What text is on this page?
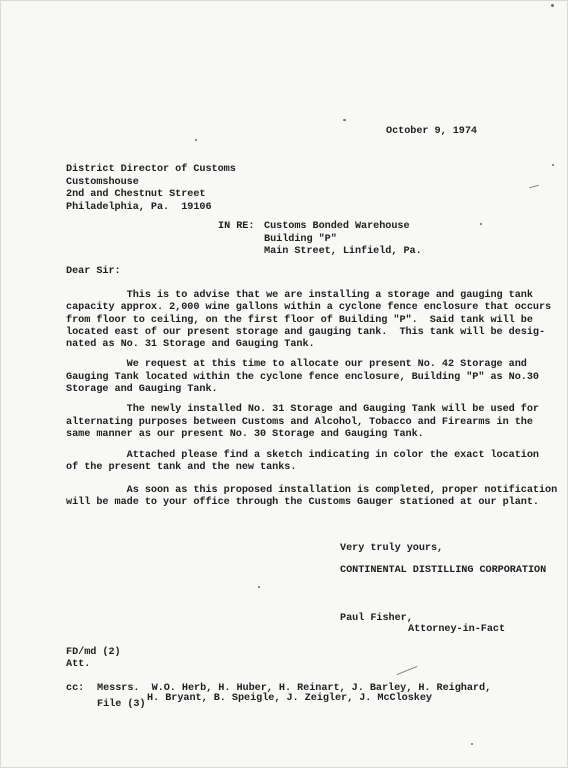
October 9, 1974
District Director of Customs
Customshouse
2nd and Chestnut Street
Philadelphia, Pa.  19106
IN RE: Customs Bonded Warehouse
Building "P"
Main Street, Linfield, Pa.
Dear Sir:
This is to advise that we are installing a storage and gauging tank
capacity approx. 2,000 wine gallons within a cyclone fence enclosure that occurs
from floor to ceiling, on the first floor of Building "P".  Said tank will be
located east of our present storage and gauging tank.  This tank will be desig-
nated as No. 31 Storage and Gauging Tank.
We request at this time to allocate our present No. 42 Storage and
Gauging Tank located within the cyclone fence enclosure, Building "P" as No.30
Storage and Gauging Tank.
The newly installed No. 31 Storage and Gauging Tank will be used for
alternating purposes between Customs and Alcohol, Tobacco and Firearms in the
same manner as our present No. 30 Storage and Gauging Tank.
Attached please find a sketch indicating in color the exact location
of the present tank and the new tanks.
As soon as this proposed installation is completed, proper notification
will be made to your office through the Customs Gauger stationed at our plant.
Very truly yours,
CONTINENTAL DISTILLING CORPORATION
Paul Fisher,
Attorney-in-Fact
FD/md (2)
Att.
cc: Messrs.  W.O. Herb, H. Huber, H. Reinart, J. Barley, H. Reighard,
H. Bryant, B. Speigle, J. Zeigler, J. McCloskey
File (3)
